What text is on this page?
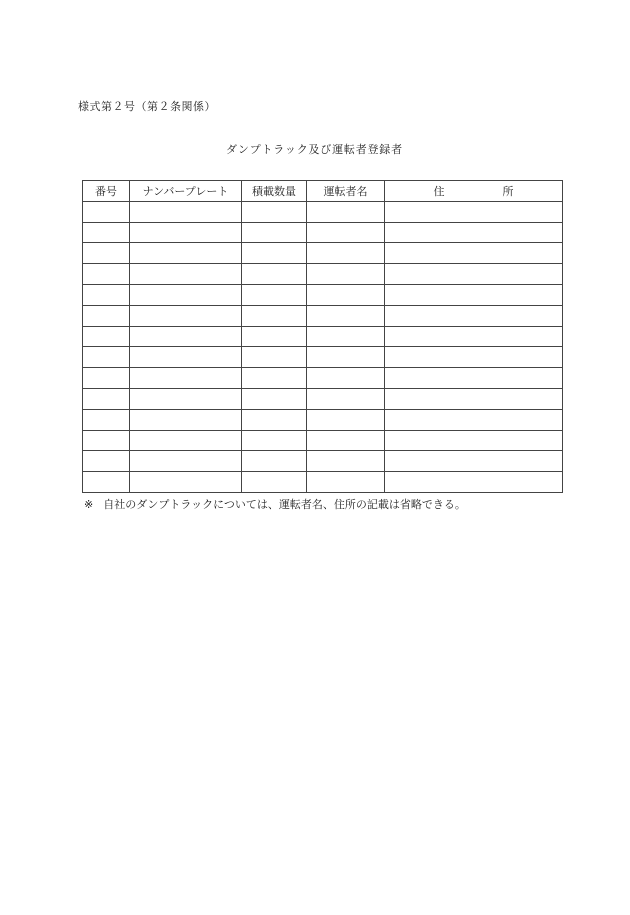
様式第２号（第２条関係）
ダンプトラック及び運転者登録者
番号	ナンバープレート	積載数量	運転者名	住 所

※ 自社のダンプトラックについては、運転者名、住所の記載は省略できる。
